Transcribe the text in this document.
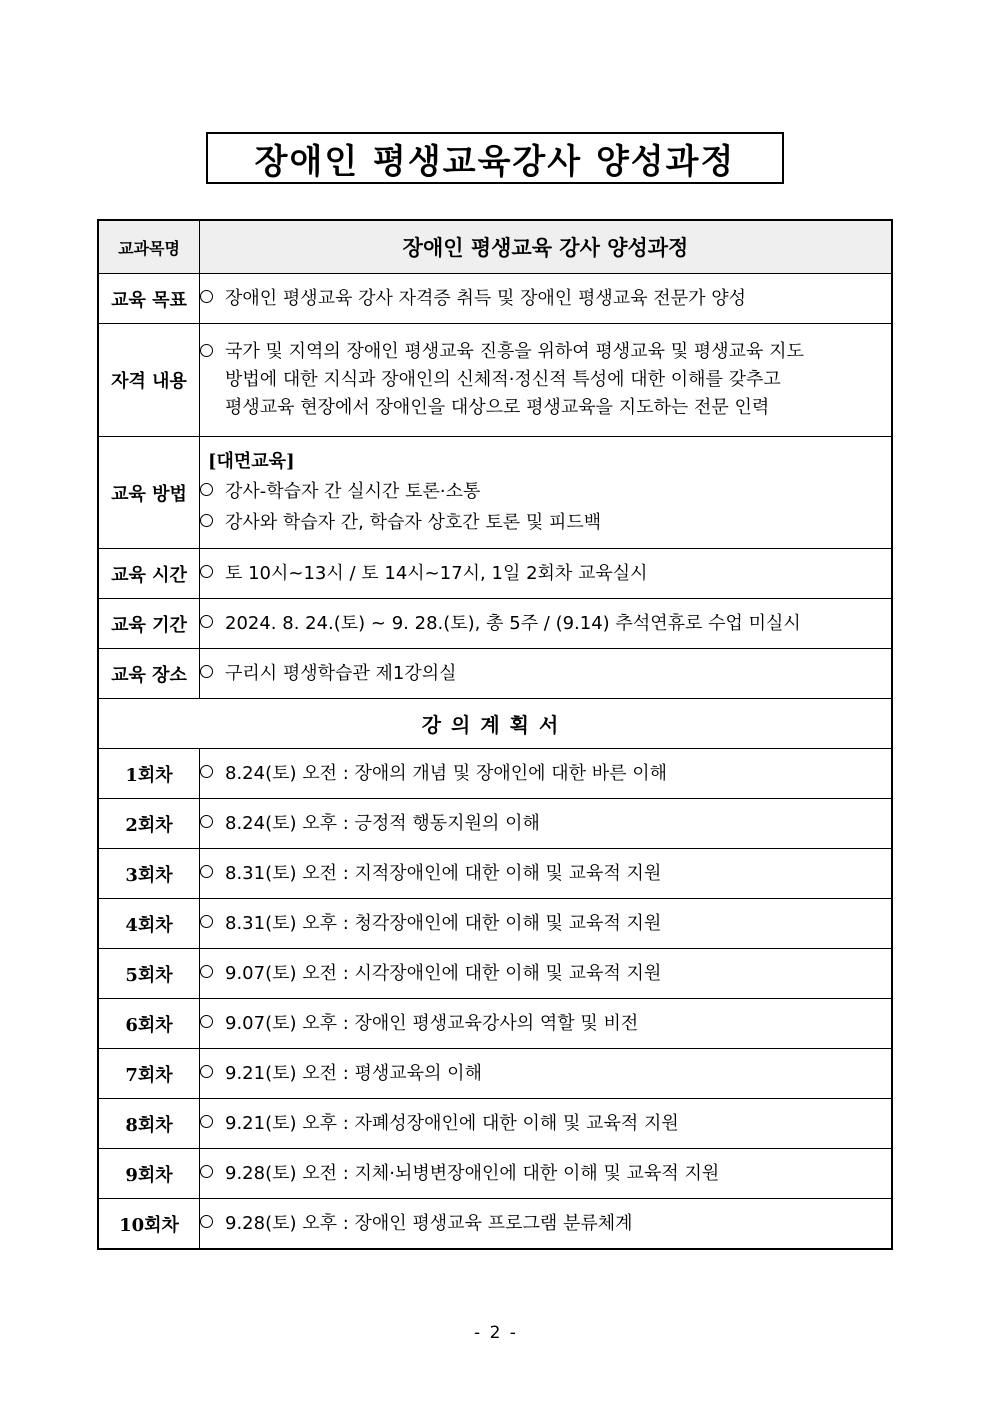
장애인 평생교육강사 양성과정
교과목명	장애인 평생교육 강사 양성과정
교육 목표	장애인 평생교육 강사 자격증 취득 및 장애인 평생교육 전문가 양성
자격 내용	국가 및 지역의 장애인 평생교육 진흥을 위하여 평생교육 및 평생교육 지도
방법에 대한 지식과 장애인의 신체적·정신적 특성에 대한 이해를 갖추고
평생교육 현장에서 장애인을 대상으로 평생교육을 지도하는 전문 인력

교육 방법	[대면교육]
강사-학습자 간 실시간 토론·소통
강사와 학습자 간, 학습자 상호간 토론 및 피드백

교육 시간	토 10시~13시 / 토 14시~17시, 1일 2회차 교육실시
교육 기간	2024. 8. 24.(토) ~ 9. 28.(토), 총 5주 / (9.14) 추석연휴로 수업 미실시
교육 장소	구리시 평생학습관 제1강의실
강의계획서	
1회차	8.24(토) 오전 : 장애의 개념 및 장애인에 대한 바른 이해
2회차	8.24(토) 오후 : 긍정적 행동지원의 이해
3회차	8.31(토) 오전 : 지적장애인에 대한 이해 및 교육적 지원
4회차	8.31(토) 오후 : 청각장애인에 대한 이해 및 교육적 지원
5회차	9.07(토) 오전 : 시각장애인에 대한 이해 및 교육적 지원
6회차	9.07(토) 오후 : 장애인 평생교육강사의 역할 및 비전
7회차	9.21(토) 오전 : 평생교육의 이해
8회차	9.21(토) 오후 : 자폐성장애인에 대한 이해 및 교육적 지원
9회차	9.28(토) 오전 : 지체·뇌병변장애인에 대한 이해 및 교육적 지원
10회차	9.28(토) 오후 : 장애인 평생교육 프로그램 분류체계
- 2 -
